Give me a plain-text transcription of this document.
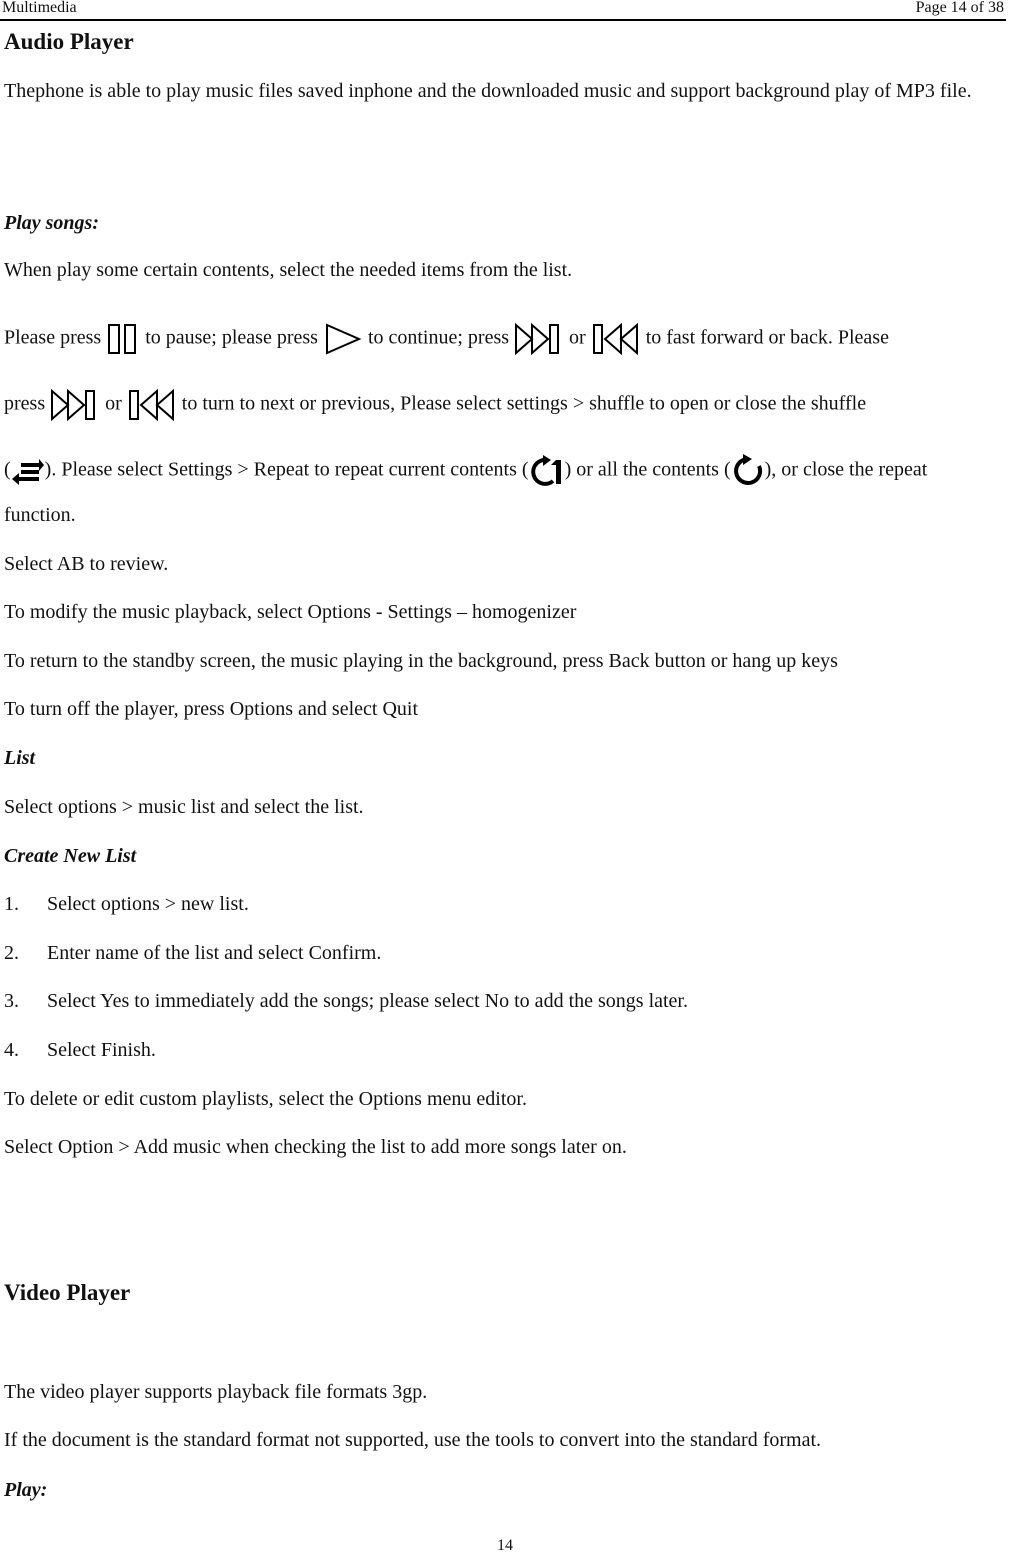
Multimedia	Page 14 of 38
Audio Player
Thephone is able to play music files saved inphone and the downloaded music and support background play of MP3 file.
Play songs:
When play some certain contents, select the needed items from the list.
Please press to pause; please press	to continue; press	or	to fast forward or back. Please
press	or	to turn to next or previous, Please select settings > shuffle to open or close the shuffle
( ). Please select Settings > Repeat to repeat current contents ( ) or all the contents ( ), or close the repeat
function.
Select AB to review.
To modify the music playback, select Options - Settings – homogenizer
To return to the standby screen, the music playing in the background, press Back button or hang up keys
To turn off the player, press Options and select Quit
List
Select options > music list and select the list.
Create New List
1. Select options > new list.
2. Enter name of the list and select Confirm.
3. Select Yes to immediately add the songs; please select No to add the songs later.
4. Select Finish.
To delete or edit custom playlists, select the Options menu editor.
Select Option > Add music when checking the list to add more songs later on.
Video Player
The video player supports playback file formats 3gp.
If the document is the standard format not supported, use the tools to convert into the standard format.
Play:
14
